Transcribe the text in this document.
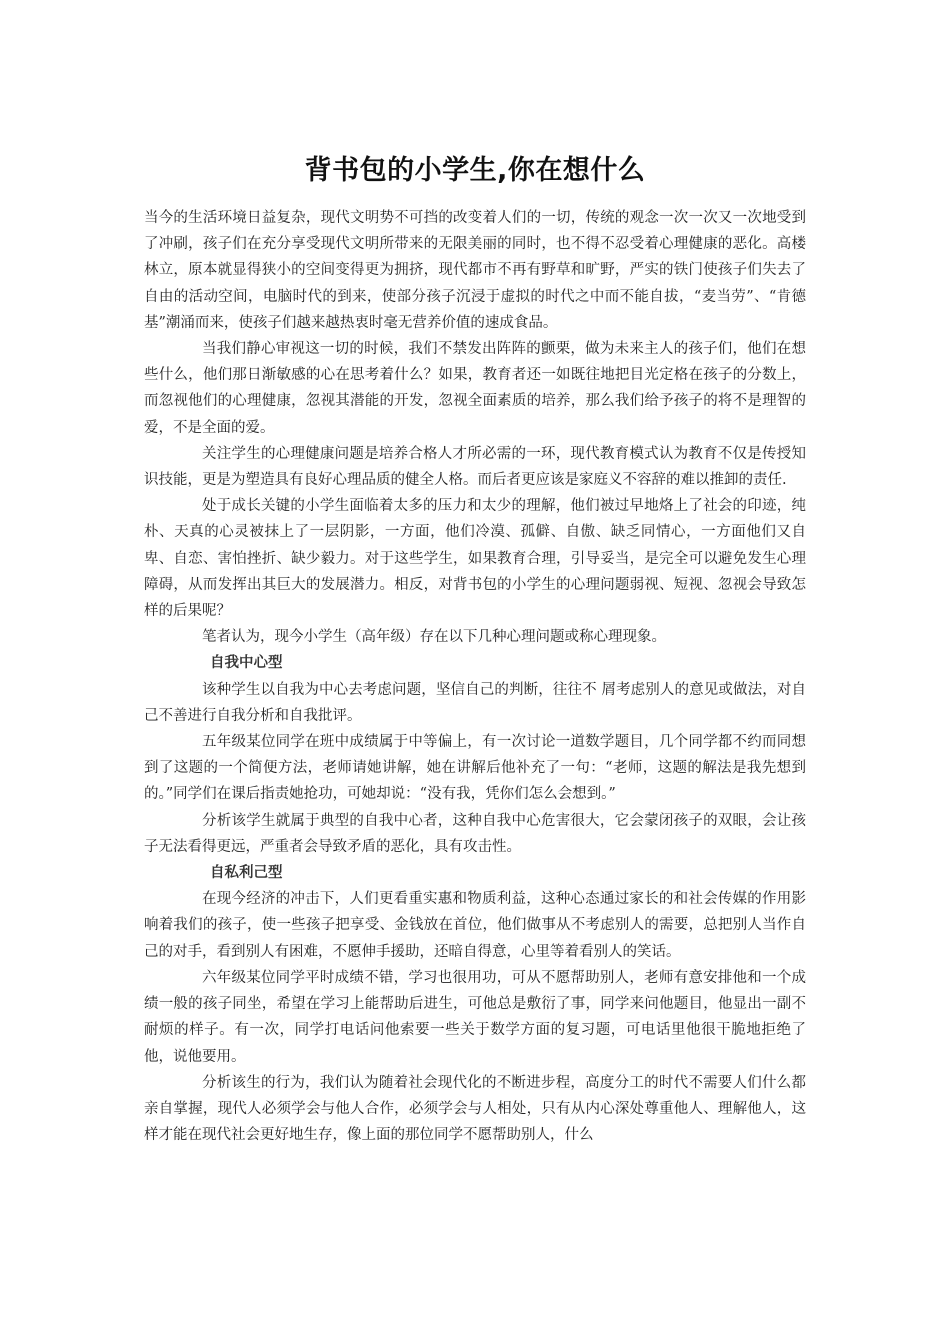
背书包的小学生,你在想什么

当今的生活环境日益复杂，现代文明势不可挡的改变着人们的一切，传统的观念一次一次又一次地受到了冲刷，孩子们在充分享受现代文明所带来的无限美丽的同时，也不得不忍受着心理健康的恶化。高楼林立，原本就显得狭小的空间变得更为拥挤，现代都市不再有野草和旷野，严实的铁门使孩子们失去了自由的活动空间，电脑时代的到来，使部分孩子沉浸于虚拟的时代之中而不能自拔，“麦当劳”、“肯德基”潮涌而来，使孩子们越来越热衷时毫无营养价值的速成食品。

当我们静心审视这一切的时候，我们不禁发出阵阵的颤栗，做为未来主人的孩子们，他们在想些什么，他们那日渐敏感的心在思考着什么？如果，教育者还一如既往地把目光定格在孩子的分数上，而忽视他们的心理健康，忽视其潜能的开发，忽视全面素质的培养，那么我们给予孩子的将不是理智的爱，不是全面的爱。

关注学生的心理健康问题是培养合格人才所必需的一环，现代教育模式认为教育不仅是传授知识技能，更是为塑造具有良好心理品质的健全人格。而后者更应该是家庭义不容辞的难以推卸的责任.

处于成长关键的小学生面临着太多的压力和太少的理解，他们被过早地烙上了社会的印迹，纯朴、天真的心灵被抹上了一层阴影，一方面，他们冷漠、孤僻、自傲、缺乏同情心，一方面他们又自卑、自恋、害怕挫折、缺少毅力。对于这些学生，如果教育合理，引导妥当，是完全可以避免发生心理障碍，从而发挥出其巨大的发展潜力。相反，对背书包的小学生的心理问题弱视、短视、忽视会导致怎样的后果呢？

笔者认为，现今小学生（高年级）存在以下几种心理问题或称心理现象。

自我中心型

该种学生以自我为中心去考虑问题，坚信自己的判断，往往不 屑考虑别人的意见或做法，对自己不善进行自我分析和自我批评。

五年级某位同学在班中成绩属于中等偏上，有一次讨论一道数学题目，几个同学都不约而同想到了这题的一个简便方法，老师请她讲解，她在讲解后他补充了一句：“老师，这题的解法是我先想到的。”同学们在课后指责她抢功，可她却说：“没有我，凭你们怎么会想到。”

分析该学生就属于典型的自我中心者，这种自我中心危害很大，它会蒙闭孩子的双眼，会让孩子无法看得更远，严重者会导致矛盾的恶化，具有攻击性。

自私利己型

在现今经济的冲击下，人们更看重实惠和物质利益，这种心态通过家长的和社会传媒的作用影响着我们的孩子，使一些孩子把享受、金钱放在首位，他们做事从不考虑别人的需要，总把别人当作自己的对手，看到别人有困难，不愿伸手援助，还暗自得意，心里等着看别人的笑话。

六年级某位同学平时成绩不错，学习也很用功，可从不愿帮助别人，老师有意安排他和一个成绩一般的孩子同坐，希望在学习上能帮助后进生，可他总是敷衍了事，同学来问他题目，他显出一副不耐烦的样子。有一次，同学打电话问他索要一些关于数学方面的复习题，可电话里他很干脆地拒绝了他，说他要用。

分析该生的行为，我们认为随着社会现代化的不断进步程，高度分工的时代不需要人们什么都亲自掌握，现代人必须学会与他人合作，必须学会与人相处，只有从内心深处尊重他人、理解他人，这样才能在现代社会更好地生存，像上面的那位同学不愿帮助别人，什么
